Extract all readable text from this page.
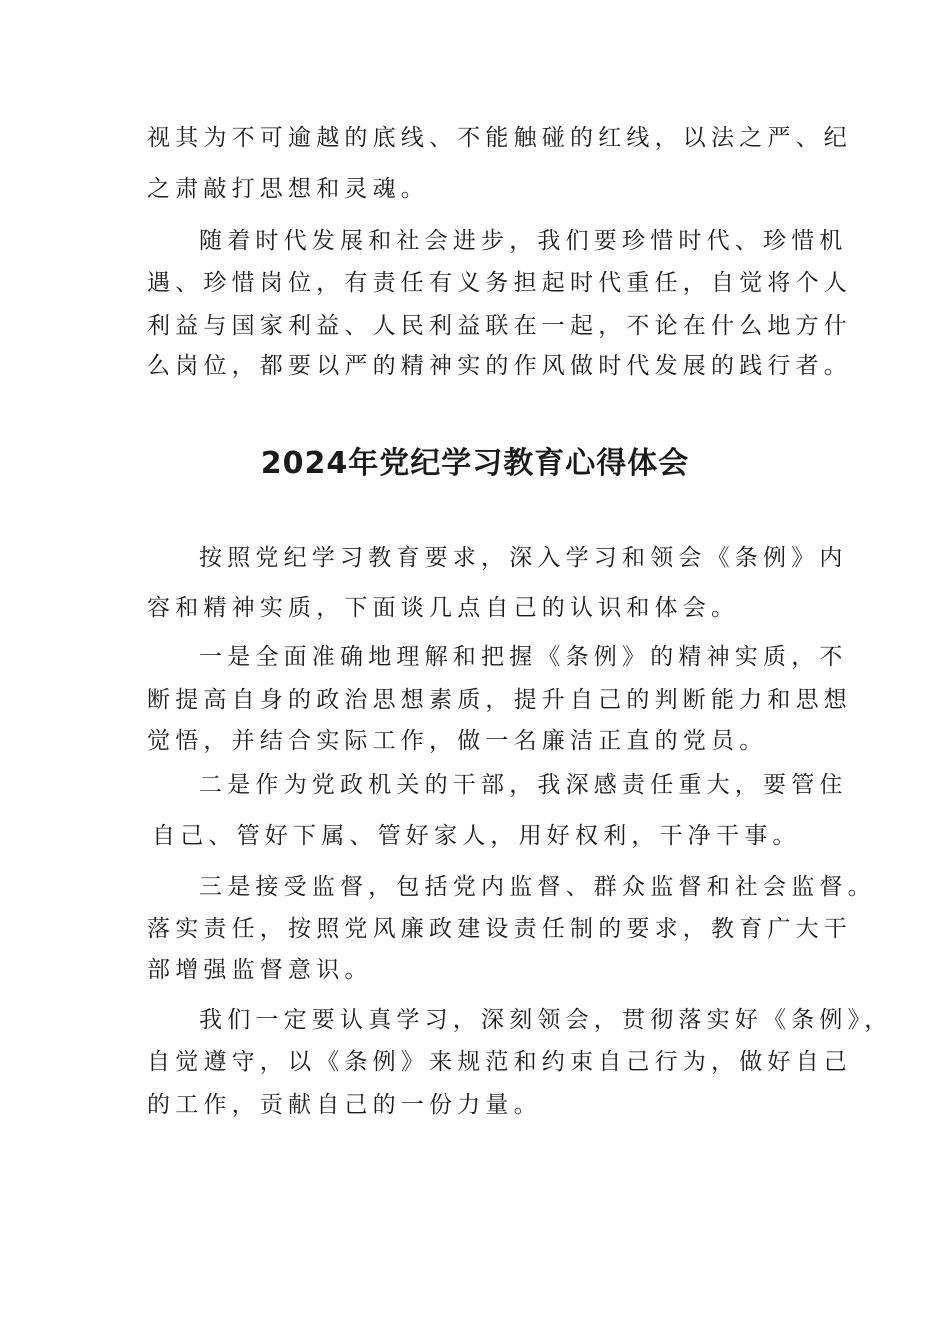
视其为不可逾越的底线、不能触碰的红线，以法之严、纪
之肃敲打思想和灵魂。
随着时代发展和社会进步，我们要珍惜时代、珍惜机
遇、珍惜岗位，有责任有义务担起时代重任，自觉将个人
利益与国家利益、人民利益联在一起，不论在什么地方什
么岗位，都要以严的精神实的作风做时代发展的践行者。
2024年党纪学习教育心得体会
按照党纪学习教育要求，深入学习和领会《条例》内
容和精神实质，下面谈几点自己的认识和体会。
一是全面准确地理解和把握《条例》的精神实质，不
断提高自身的政治思想素质，提升自己的判断能力和思想
觉悟，并结合实际工作，做一名廉洁正直的党员。
二是作为党政机关的干部，我深感责任重大，要管住
自己、管好下属、管好家人，用好权利，干净干事。
三是接受监督，包括党内监督、群众监督和社会监督。
落实责任，按照党风廉政建设责任制的要求，教育广大干
部增强监督意识。
我们一定要认真学习，深刻领会，贯彻落实好《条例》，
自觉遵守，以《条例》来规范和约束自己行为，做好自己
的工作，贡献自己的一份力量。
